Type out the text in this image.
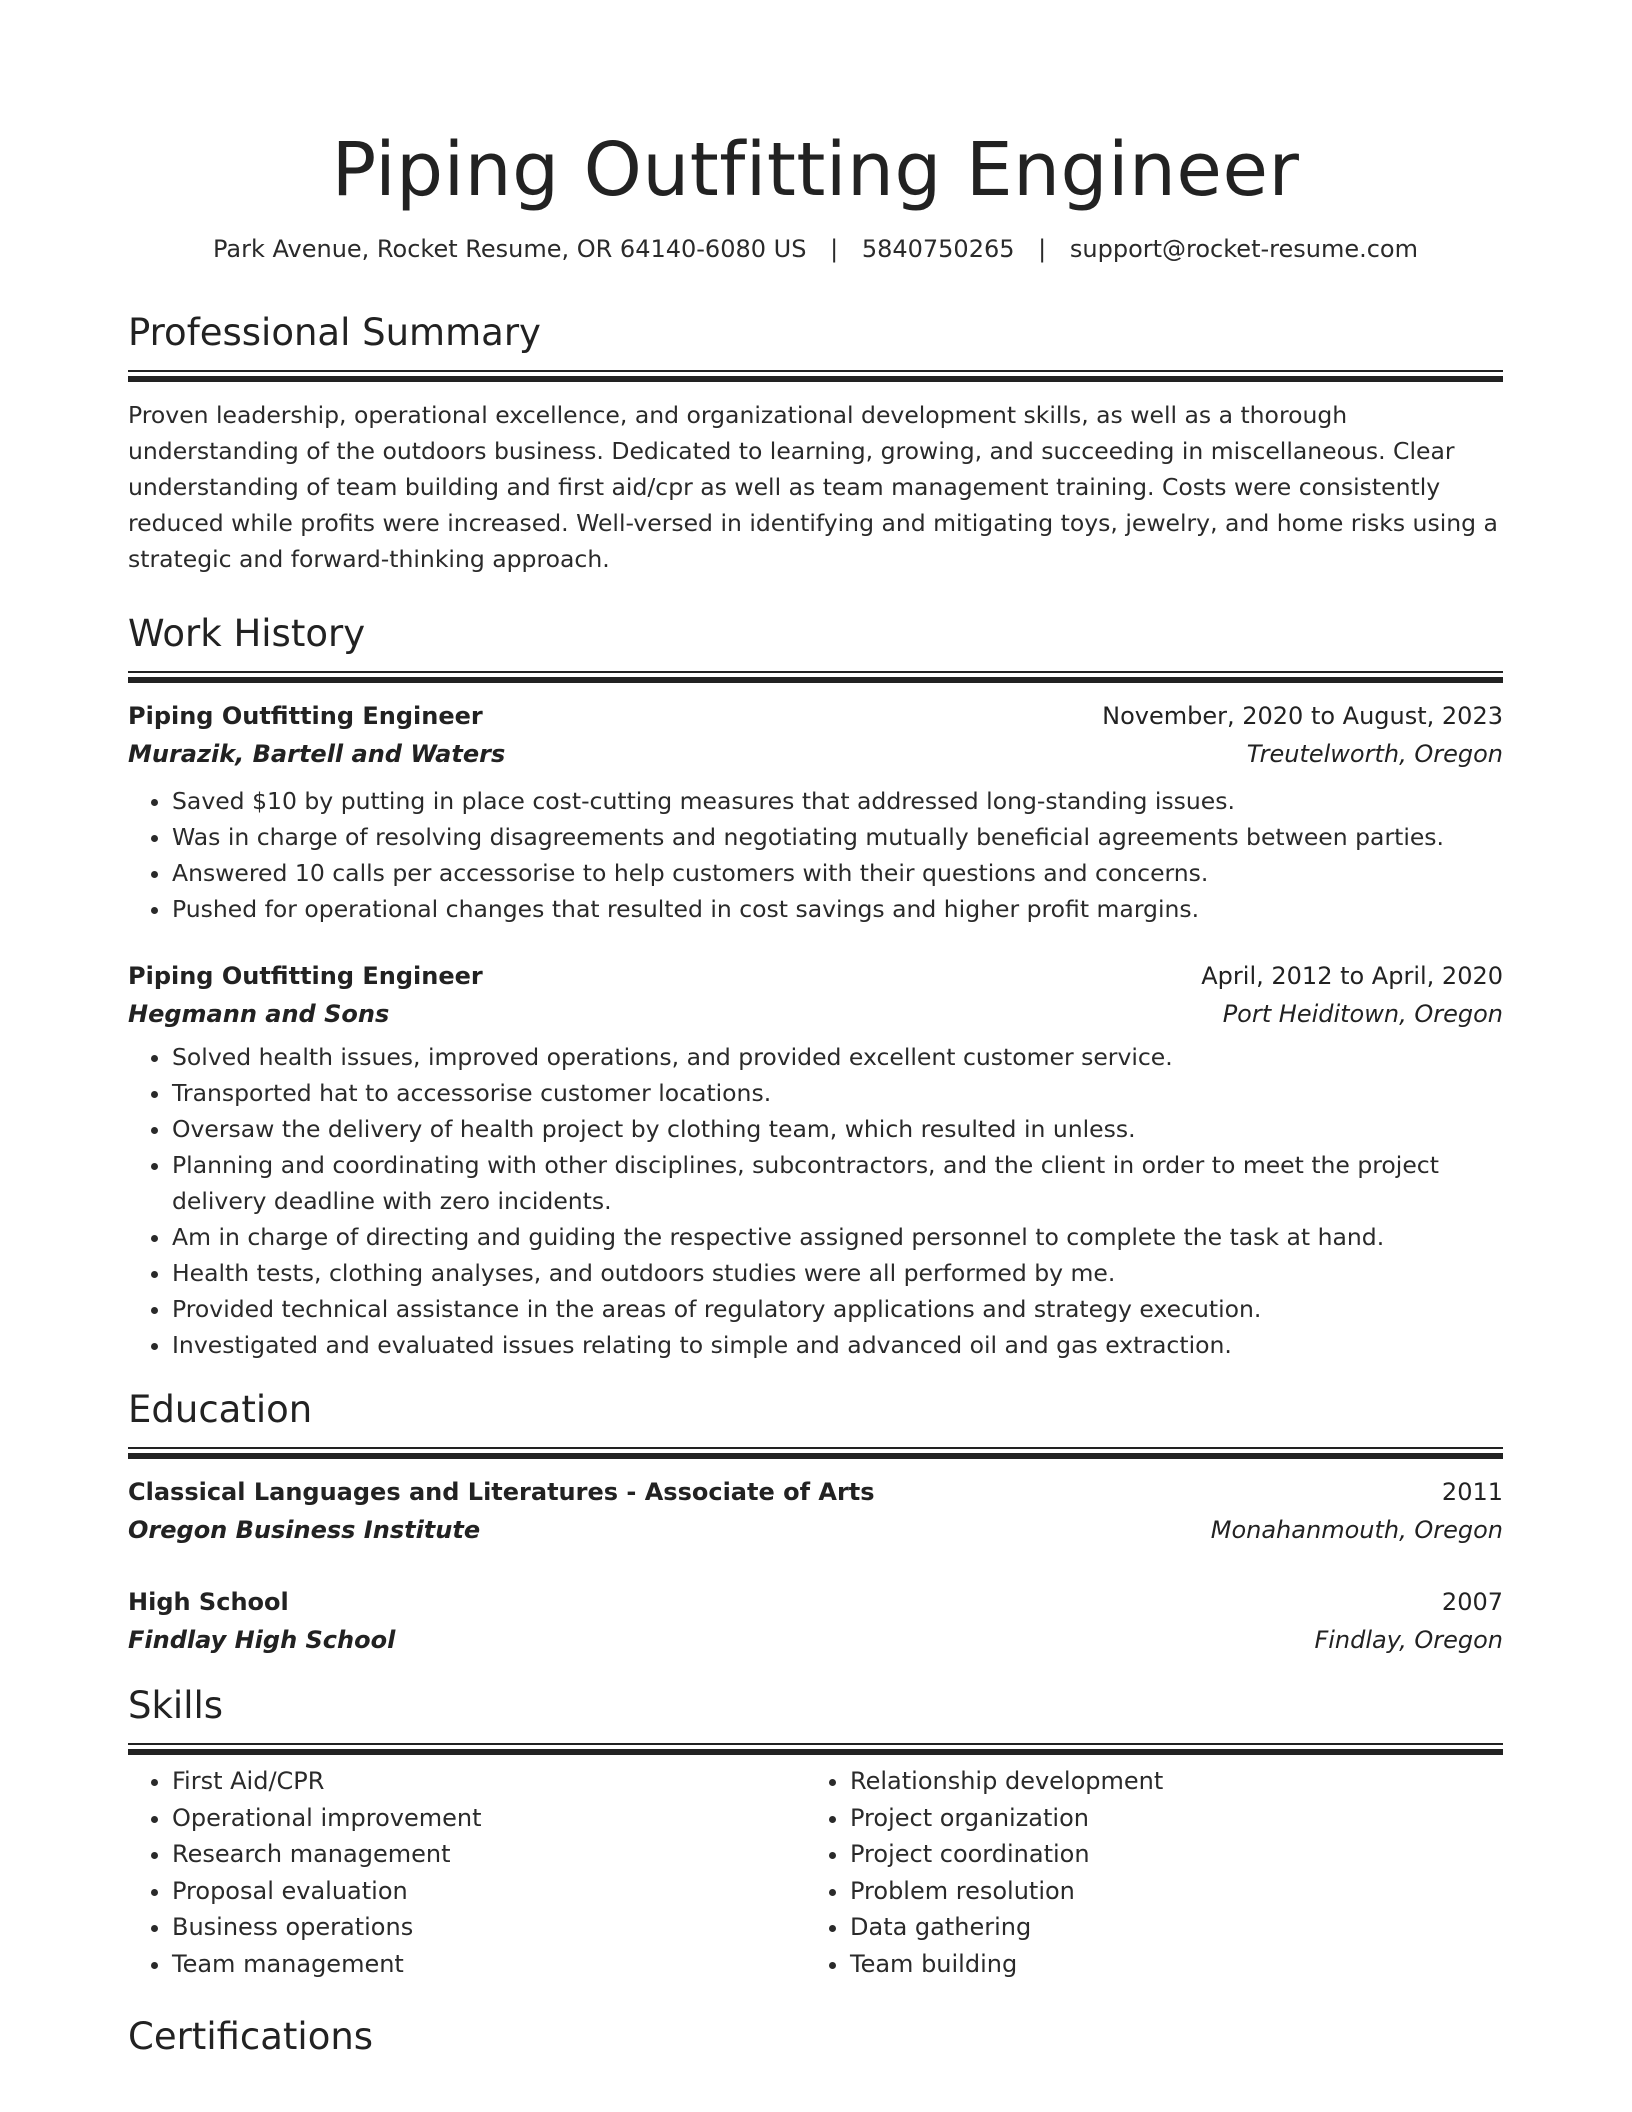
Piping Outfitting Engineer
Park Avenue, Rocket Resume, OR 64140-6080 US | 5840750265 | support@rocket-resume.com
Professional Summary
Proven leadership, operational excellence, and organizational development skills, as well as a thorough understanding of the outdoors business. Dedicated to learning, growing, and succeeding in miscellaneous. Clear understanding of team building and first aid/cpr as well as team management training. Costs were consistently reduced while profits were increased. Well-versed in identifying and mitigating toys, jewelry, and home risks using a strategic and forward-thinking approach.
Work History
Piping Outfitting Engineer	November, 2020 to August, 2023
Murazik, Bartell and Waters	Treutelworth, Oregon
• Saved $10 by putting in place cost-cutting measures that addressed long-standing issues.
• Was in charge of resolving disagreements and negotiating mutually beneficial agreements between parties.
• Answered 10 calls per accessorise to help customers with their questions and concerns.
• Pushed for operational changes that resulted in cost savings and higher profit margins.
Piping Outfitting Engineer	April, 2012 to April, 2020
Hegmann and Sons	Port Heiditown, Oregon
• Solved health issues, improved operations, and provided excellent customer service.
• Transported hat to accessorise customer locations.
• Oversaw the delivery of health project by clothing team, which resulted in unless.
• Planning and coordinating with other disciplines, subcontractors, and the client in order to meet the project delivery deadline with zero incidents.
• Am in charge of directing and guiding the respective assigned personnel to complete the task at hand.
• Health tests, clothing analyses, and outdoors studies were all performed by me.
• Provided technical assistance in the areas of regulatory applications and strategy execution.
• Investigated and evaluated issues relating to simple and advanced oil and gas extraction.
Education
Classical Languages and Literatures - Associate of Arts	2011
Oregon Business Institute	Monahanmouth, Oregon
High School	2007
Findlay High School	Findlay, Oregon
Skills
• First Aid/CPR
• Operational improvement
• Research management
• Proposal evaluation
• Business operations
• Team management
• Relationship development
• Project organization
• Project coordination
• Problem resolution
• Data gathering
• Team building
Certifications
